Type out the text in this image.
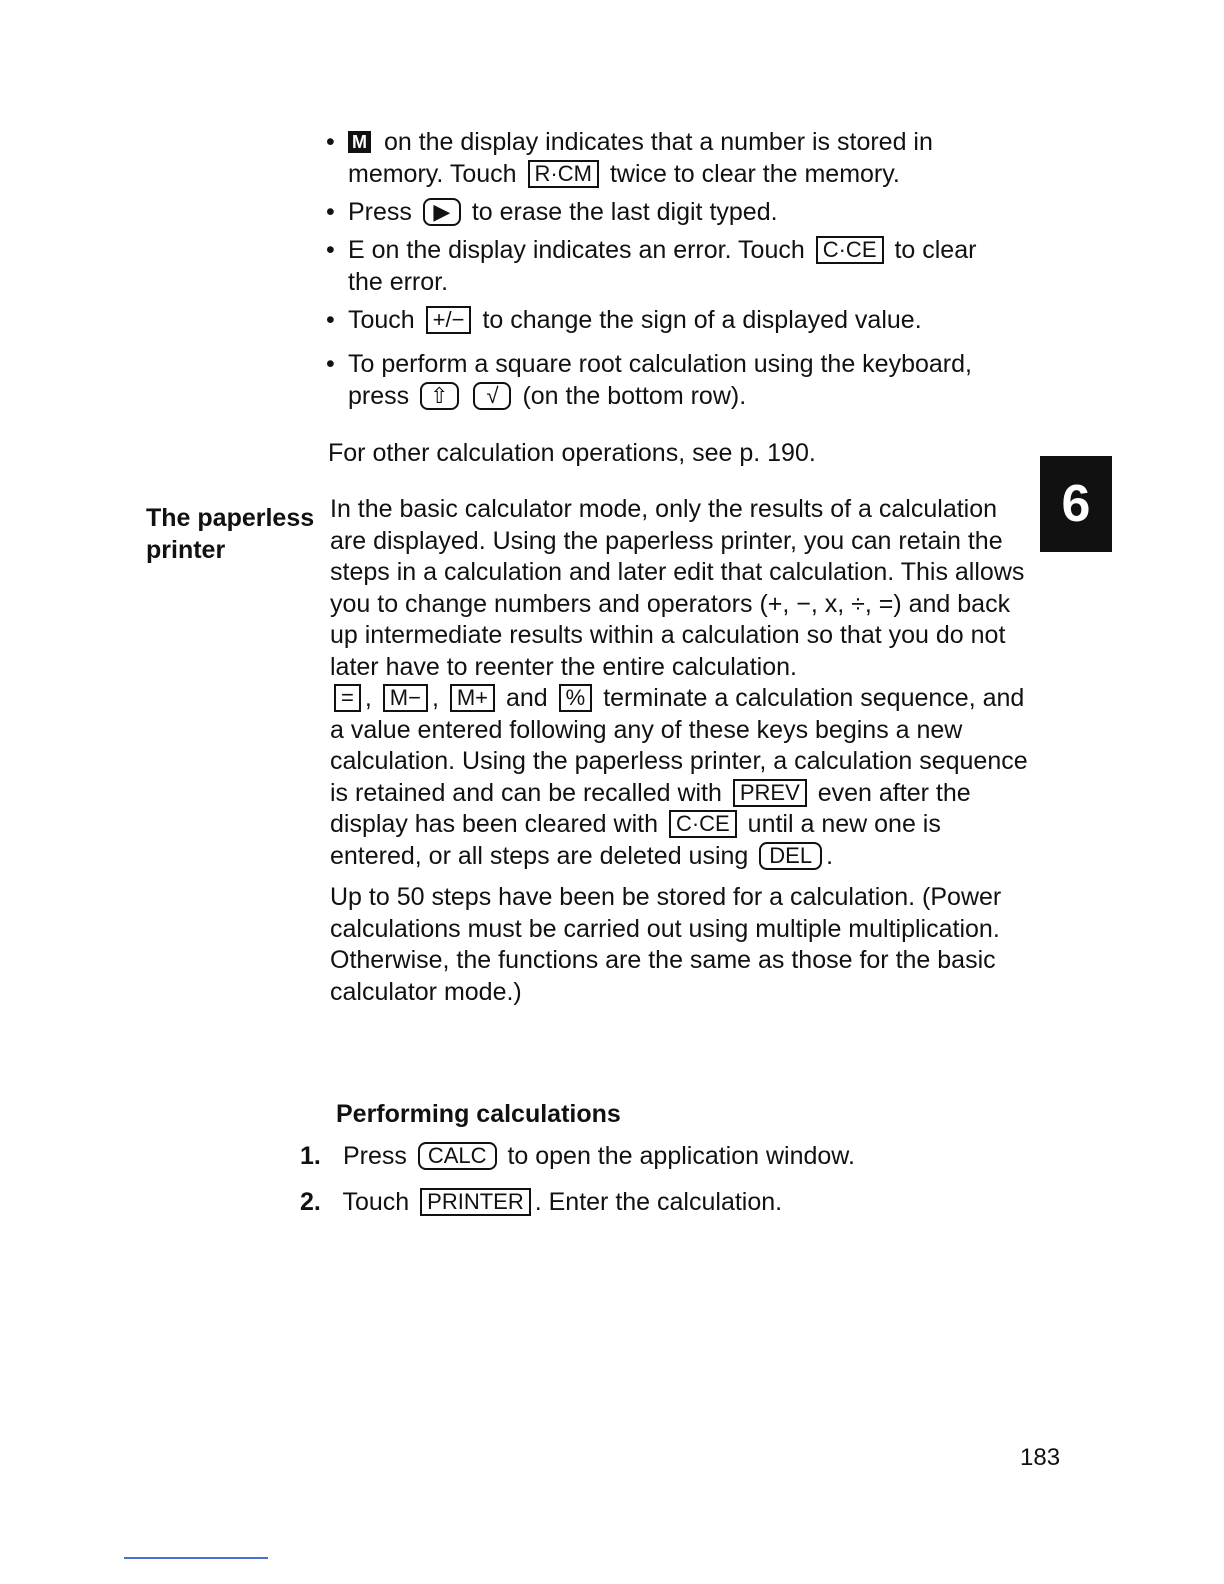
• M on the display indicates that a number is stored in memory. Touch R·CM twice to clear the memory.
• Press ▶ to erase the last digit typed.
• E on the display indicates an error. Touch C·CE to clear the error.
• Touch +/− to change the sign of a displayed value.
• To perform a square root calculation using the keyboard, press ⇧ √ (on the bottom row).
For other calculation operations, see p. 190.
The paperless printer
6

In the basic calculator mode, only the results of a calculation are displayed. Using the paperless printer, you can retain the steps in a calculation and later edit that calculation. This allows you to change numbers and operators (+, −, x, ÷, =) and back up intermediate results within a calculation so that you do not later have to reenter the entire calculation.

= , M− , M+ and % terminate a calculation sequence, and a value entered following any of these keys begins a new calculation. Using the paperless printer, a calculation sequence is retained and can be recalled with PREV even after the display has been cleared with C·CE until a new one is entered, or all steps are deleted using DEL .

Up to 50 steps have been be stored for a calculation. (Power calculations must be carried out using multiple multiplication. Otherwise, the functions are the same as those for the basic calculator mode.)

Performing calculations
1. Press CALC to open the application window.
2. Touch PRINTER . Enter the calculation.
183
